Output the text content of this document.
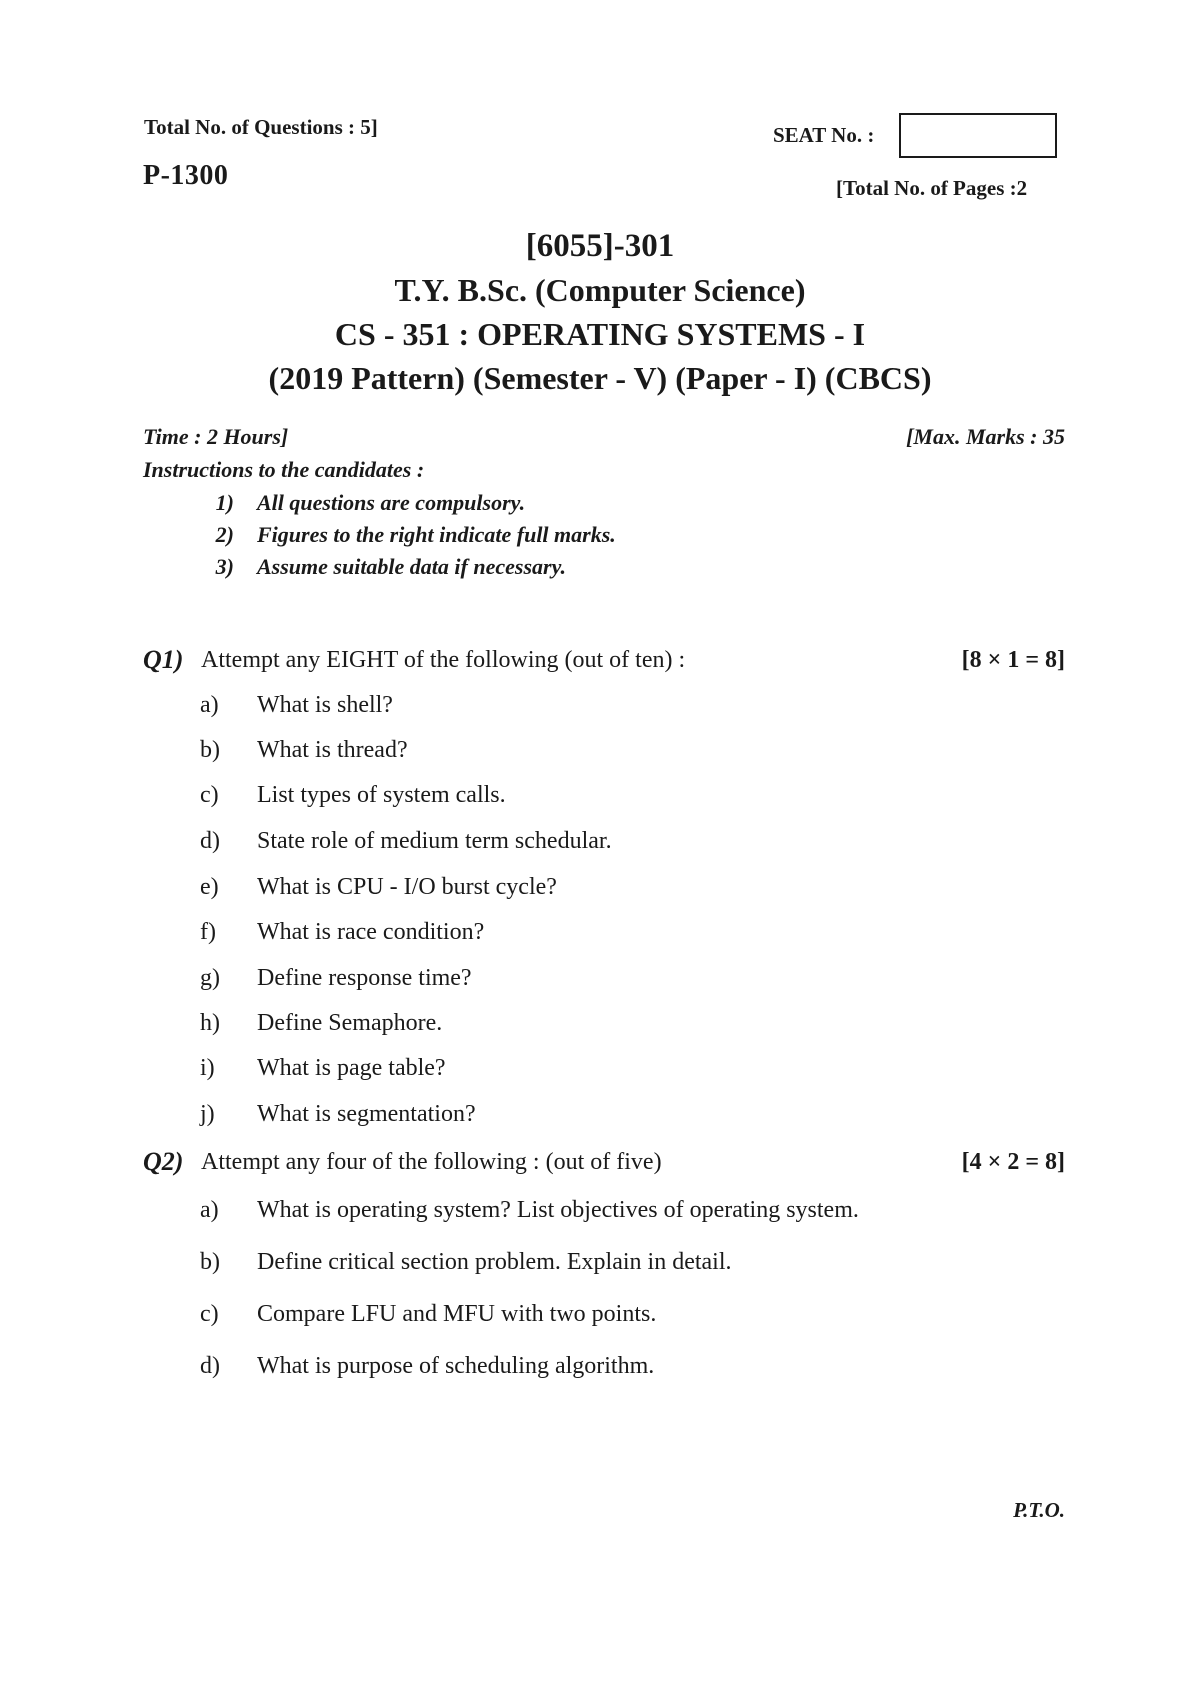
Total No. of Questions : 5]
P-1300
SEAT No. :
[Total No. of Pages :2
[6055]-301
T.Y. B.Sc. (Computer Science)
CS - 351 : OPERATING SYSTEMS - I
(2019 Pattern) (Semester - V) (Paper - I) (CBCS)
Time : 2 Hours]	[Max. Marks : 35
Instructions to the candidates :
1) All questions are compulsory.
2) Figures to the right indicate full marks.
3) Assume suitable data if necessary.
Q1) Attempt any EIGHT of the following (out of ten) :	[8 × 1 = 8]
a) What is shell?
b) What is thread?
c) List types of system calls.
d) State role of medium term schedular.
e) What is CPU - I/O burst cycle?
f) What is race condition?
g) Define response time?
h) Define Semaphore.
i) What is page table?
j) What is segmentation?
Q2) Attempt any four of the following : (out of five)	[4 × 2 = 8]
a) What is operating system? List objectives of operating system.
b) Define critical section problem. Explain in detail.
c) Compare LFU and MFU with two points.
d) What is purpose of scheduling algorithm.
P.T.O.
